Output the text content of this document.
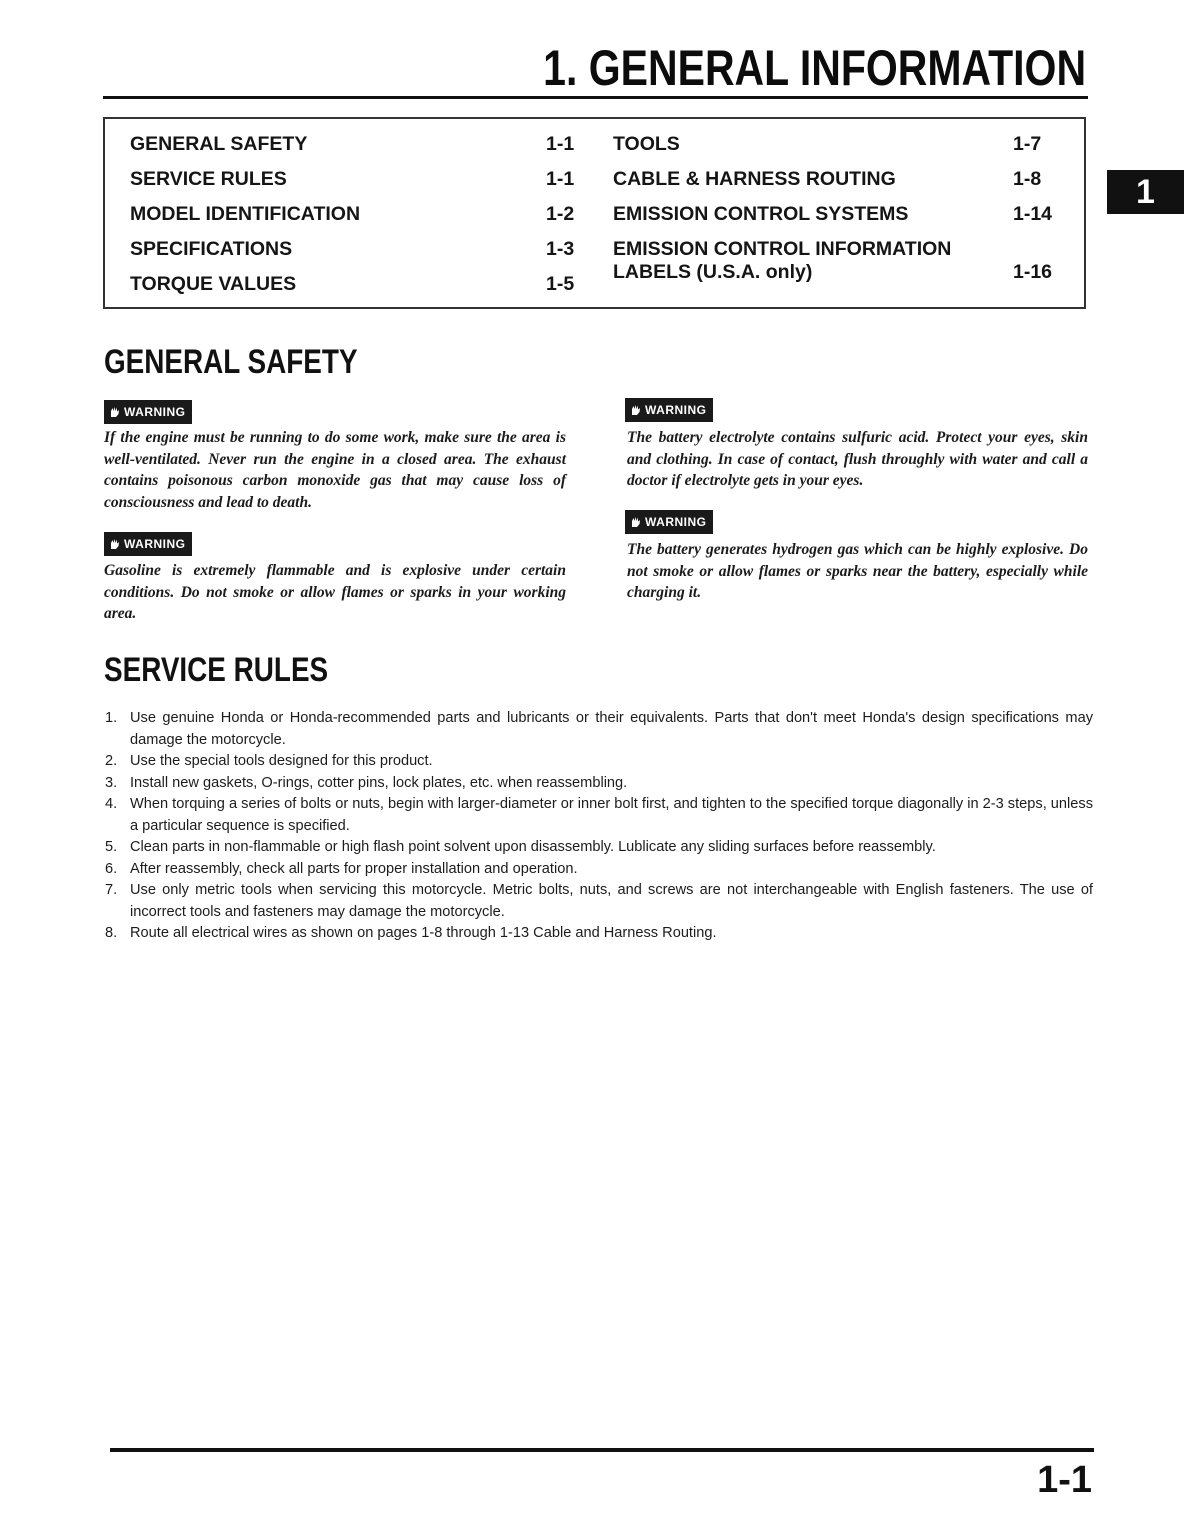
1. GENERAL INFORMATION
1
GENERAL SAFETY	1-1
SERVICE RULES	1-1
MODEL IDENTIFICATION	1-2
SPECIFICATIONS	1-3
TORQUE VALUES	1-5
TOOLS	1-7
CABLE & HARNESS ROUTING	1-8
EMISSION CONTROL SYSTEMS	1-14
EMISSION CONTROL INFORMATION
LABELS (U.S.A. only)	1-16
GENERAL SAFETY
WARNING

If the engine must be running to do some work, make sure the area is well-ventilated. Never run the engine in a closed area. The exhaust contains poisonous carbon monoxide gas that may cause loss of consciousness and lead to death.

WARNING

Gasoline is extremely flammable and is explosive under certain conditions. Do not smoke or allow flames or sparks in your working area.

WARNING

The battery electrolyte contains sulfuric acid. Protect your eyes, skin and clothing. In case of contact, flush throughly with water and call a doctor if electrolyte gets in your eyes.

WARNING

The battery generates hydrogen gas which can be highly explosive. Do not smoke or allow flames or sparks near the battery, especially while charging it.

SERVICE RULES
1. Use genuine Honda or Honda-recommended parts and lubricants or their equivalents. Parts that don't meet Honda's design specifications may damage the motorcycle.
2. Use the special tools designed for this product.
3. Install new gaskets, O-rings, cotter pins, lock plates, etc. when reassembling.
4. When torquing a series of bolts or nuts, begin with larger-diameter or inner bolt first, and tighten to the specified torque diagonally in 2-3 steps, unless a particular sequence is specified.
5. Clean parts in non-flammable or high flash point solvent upon disassembly. Lublicate any sliding surfaces before reassembly.
6. After reassembly, check all parts for proper installation and operation.
7. Use only metric tools when servicing this motorcycle. Metric bolts, nuts, and screws are not interchangeable with English fasteners. The use of incorrect tools and fasteners may damage the motorcycle.
8. Route all electrical wires as shown on pages 1-8 through 1-13 Cable and Harness Routing.

1-1
